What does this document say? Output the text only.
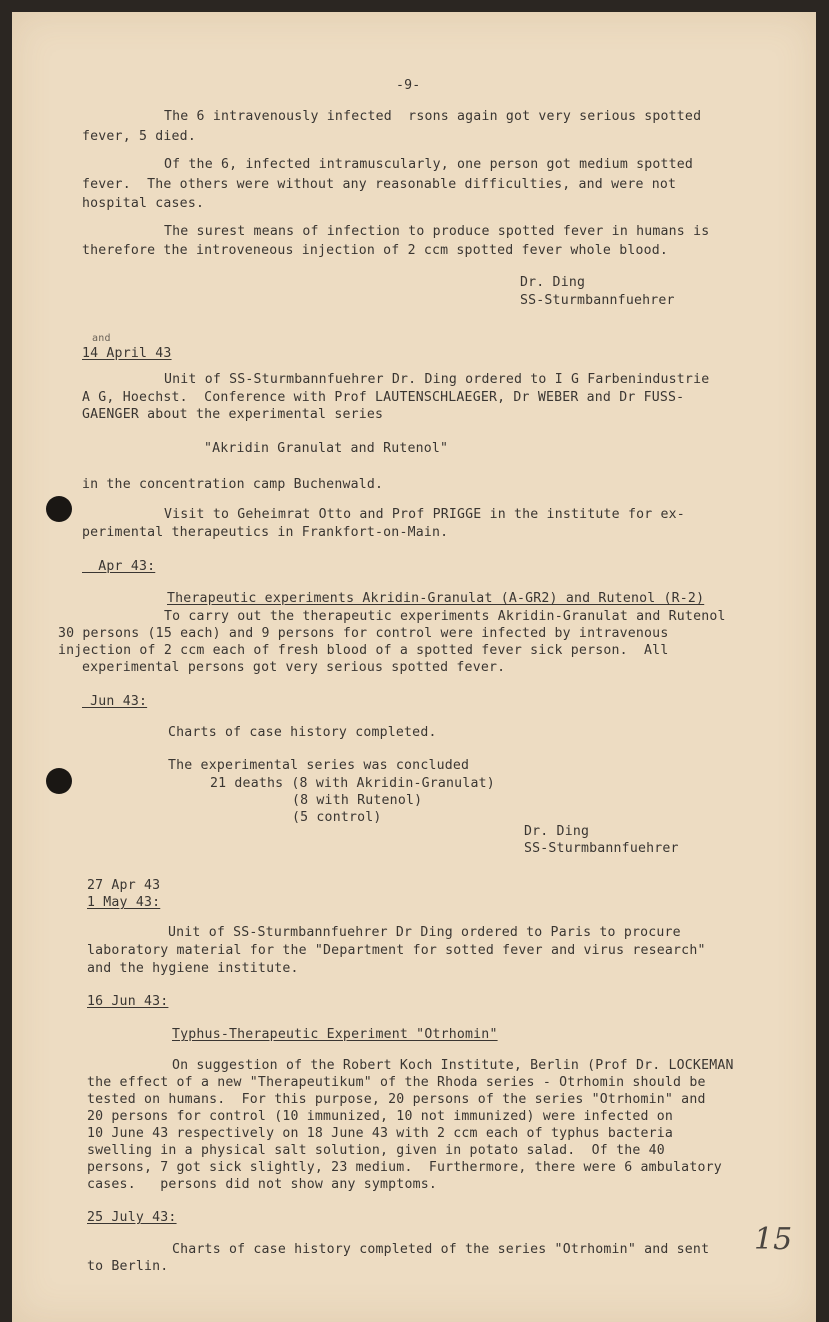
-9-
The 6 intravenously infected  rsons again got very serious spotted
fever, 5 died.
Of the 6, infected intramuscularly, one person got medium spotted
fever.  The others were without any reasonable difficulties, and were not
hospital cases.
The surest means of infection to produce spotted fever in humans is
therefore the introveneous injection of 2 ccm spotted fever whole blood.
Dr. Ding
SS-Sturmbannfuehrer
and
14 April 43
Unit of SS-Sturmbannfuehrer Dr. Ding ordered to I G Farbenindustrie
A G, Hoechst.  Conference with Prof LAUTENSCHLAEGER, Dr WEBER and Dr FUSS-
GAENGER about the experimental series
"Akridin Granulat and Rutenol"
in the concentration camp Buchenwald.
Visit to Geheimrat Otto and Prof PRIGGE in the institute for ex-
perimental therapeutics in Frankfort-on-Main.
Apr 43:
Therapeutic experiments Akridin-Granulat (A-GR2) and Rutenol (R-2)
To carry out the therapeutic experiments Akridin-Granulat and Rutenol
30 persons (15 each) and 9 persons for control were infected by intravenous
injection of 2 ccm each of fresh blood of a spotted fever sick person.  All
experimental persons got very serious spotted fever.
Jun 43:
Charts of case history completed.
The experimental series was concluded
21 deaths (8 with Akridin-Granulat)
(8 with Rutenol)
(5 control)
Dr. Ding
SS-Sturmbannfuehrer
27 Apr 43
1 May 43:
Unit of SS-Sturmbannfuehrer Dr Ding ordered to Paris to procure
laboratory material for the "Department for sotted fever and virus research"
and the hygiene institute.
16 Jun 43:
Typhus-Therapeutic Experiment "Otrhomin"
On suggestion of the Robert Koch Institute, Berlin (Prof Dr. LOCKEMAN
the effect of a new "Therapeutikum" of the Rhoda series - Otrhomin should be
tested on humans.  For this purpose, 20 persons of the series "Otrhomin" and
20 persons for control (10 immunized, 10 not immunized) were infected on
10 June 43 respectively on 18 June 43 with 2 ccm each of typhus bacteria
swelling in a physical salt solution, given in potato salad.  Of the 40
persons, 7 got sick slightly, 23 medium.  Furthermore, there were 6 ambulatory
cases.   persons did not show any symptoms.
25 July 43:
Charts of case history completed of the series "Otrhomin" and sent
to Berlin.
15
